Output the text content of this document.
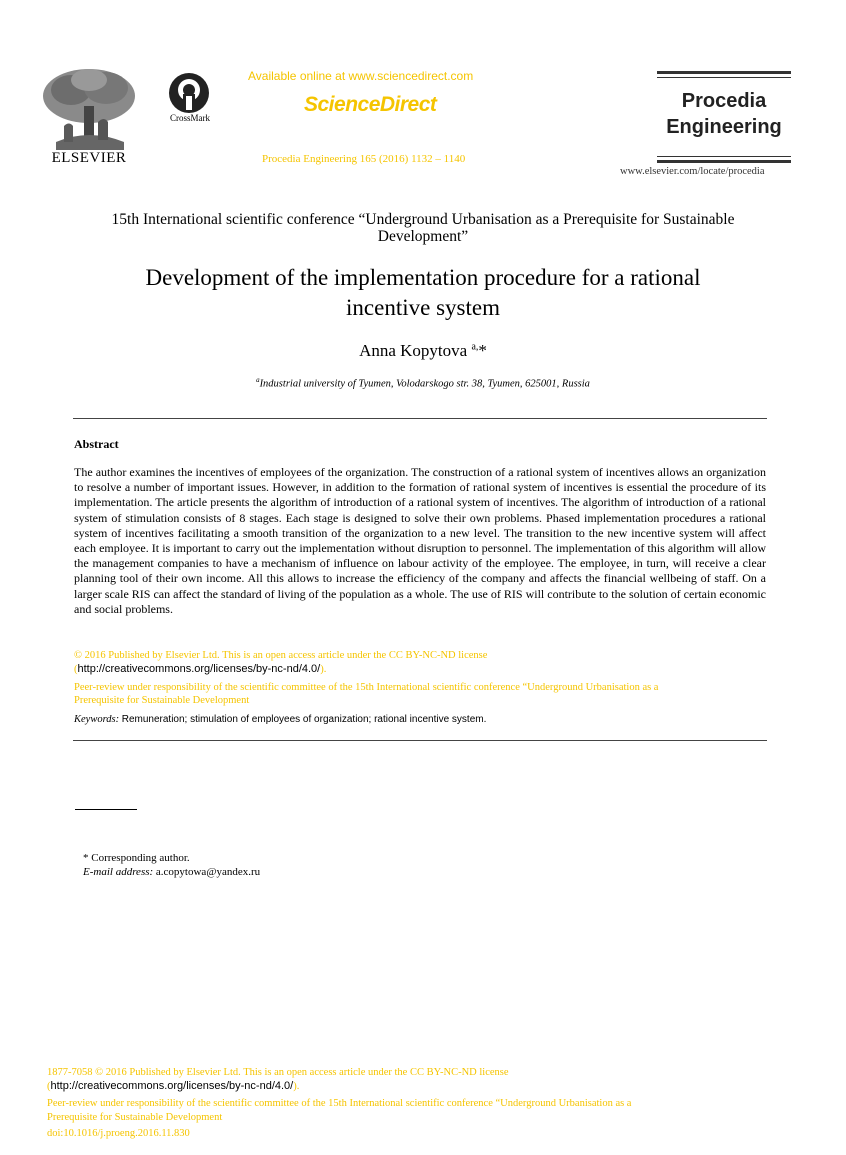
ELSEVIER
CrossMark
Available online at www.sciencedirect.com
ScienceDirect
Procedia Engineering 165 (2016) 1132 – 1140
Procedia
Engineering
www.elsevier.com/locate/procedia
15th International scientific conference “Underground Urbanisation as a Prerequisite for Sustainable Development”
Development of the implementation procedure for a rational
incentive system
Anna Kopytova $^{a,}$*
$^a$Industrial university of Tyumen, Volodarskogo str. 38, Tyumen, 625001, Russia
Abstract
The author examines the incentives of employees of the organization. The construction of a rational system of incentives allows an organization to resolve a number of important issues. However, in addition to the formation of rational system of incentives is essential the procedure of its implementation. The article presents the algorithm of introduction of a rational system of incentives. The algorithm of introduction of a rational system of stimulation consists of 8 stages. Each stage is designed to solve their own problems. Phased implementation procedures a rational system of incentives facilitating a smooth transition of the organization to a new level. The transition to the new incentive system will affect each employee. It is important to carry out the implementation without disruption to personnel. The implementation of this algorithm will allow the management companies to have a mechanism of influence on labour activity of the employee. The employee, in turn, will receive a clear planning tool of their own income. All this allows to increase the efficiency of the company and affects the financial wellbeing of staff. On a larger scale RIS can affect the standard of living of the population as a whole. The use of RIS will contribute to the solution of certain economic and social problems.
© 2016 Published by Elsevier Ltd. This is an open access article under the CC BY-NC-ND license
(http://creativecommons.org/licenses/by-nc-nd/4.0/).
Peer-review under responsibility of the scientific committee of the 15th International scientific conference “Underground Urbanisation as a
Prerequisite for Sustainable Development
Keywords: Remuneration; stimulation of employees of organization; rational incentive system.
* Corresponding author.
E-mail address: a.copytowa@yandex.ru
1877-7058 © 2016 Published by Elsevier Ltd. This is an open access article under the CC BY-NC-ND license
(http://creativecommons.org/licenses/by-nc-nd/4.0/).
Peer-review under responsibility of the scientific committee of the 15th International scientific conference “Underground Urbanisation as a
Prerequisite for Sustainable Development
doi:10.1016/j.proeng.2016.11.830
